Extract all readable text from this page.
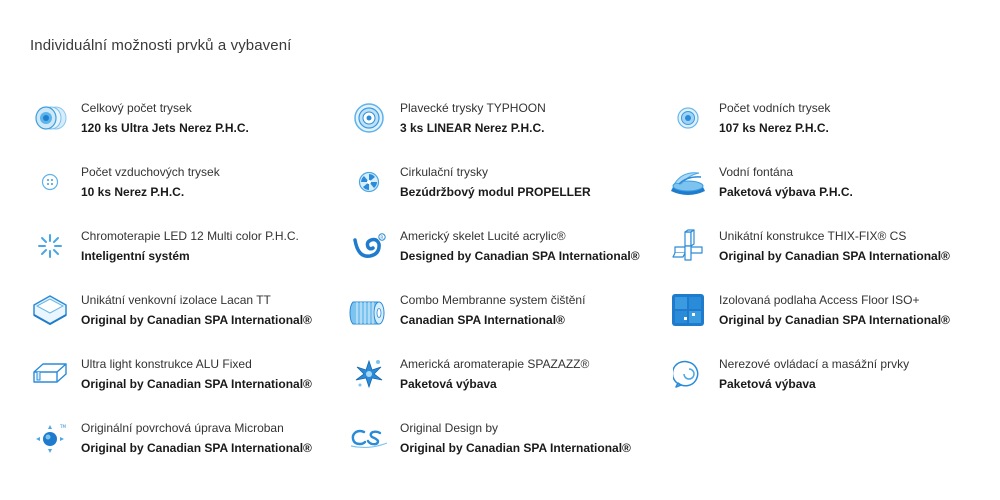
Individuální možnosti prvků a vybavení
Celkový počet trysek
120 ks Ultra Jets Nerez P.H.C.
Plavecké trysky TYPHOON
3 ks LINEAR Nerez P.H.C.
Počet vodních trysek
107 ks Nerez P.H.C.
Počet vzduchových trysek
10 ks Nerez P.H.C.
Cirkulační trysky
Bezúdržbový modul PROPELLER
Vodní fontána
Paketová výbava P.H.C.
Chromoterapie LED 12 Multi color P.H.C.
Inteligentní systém
R Americký skelet Lucité acrylic®
Designed by Canadian SPA International®
Unikátní konstrukce THIX-FIX® CS
Original by Canadian SPA International®
Unikátní venkovní izolace Lacan TT
Original by Canadian SPA International®
Combo Membranne system čištění
Canadian SPA International®
Izolovaná podlaha Access Floor ISO+
Original by Canadian SPA International®
Ultra light konstrukce ALU Fixed
Original by Canadian SPA International®
Americká aromaterapie SPAZAZZ®
Paketová výbava
Nerezové ovládací a masážní prvky
Paketová výbava
TM Originální povrchová úprava Microban
Original by Canadian SPA International®
Original Design by
Original by Canadian SPA International®
